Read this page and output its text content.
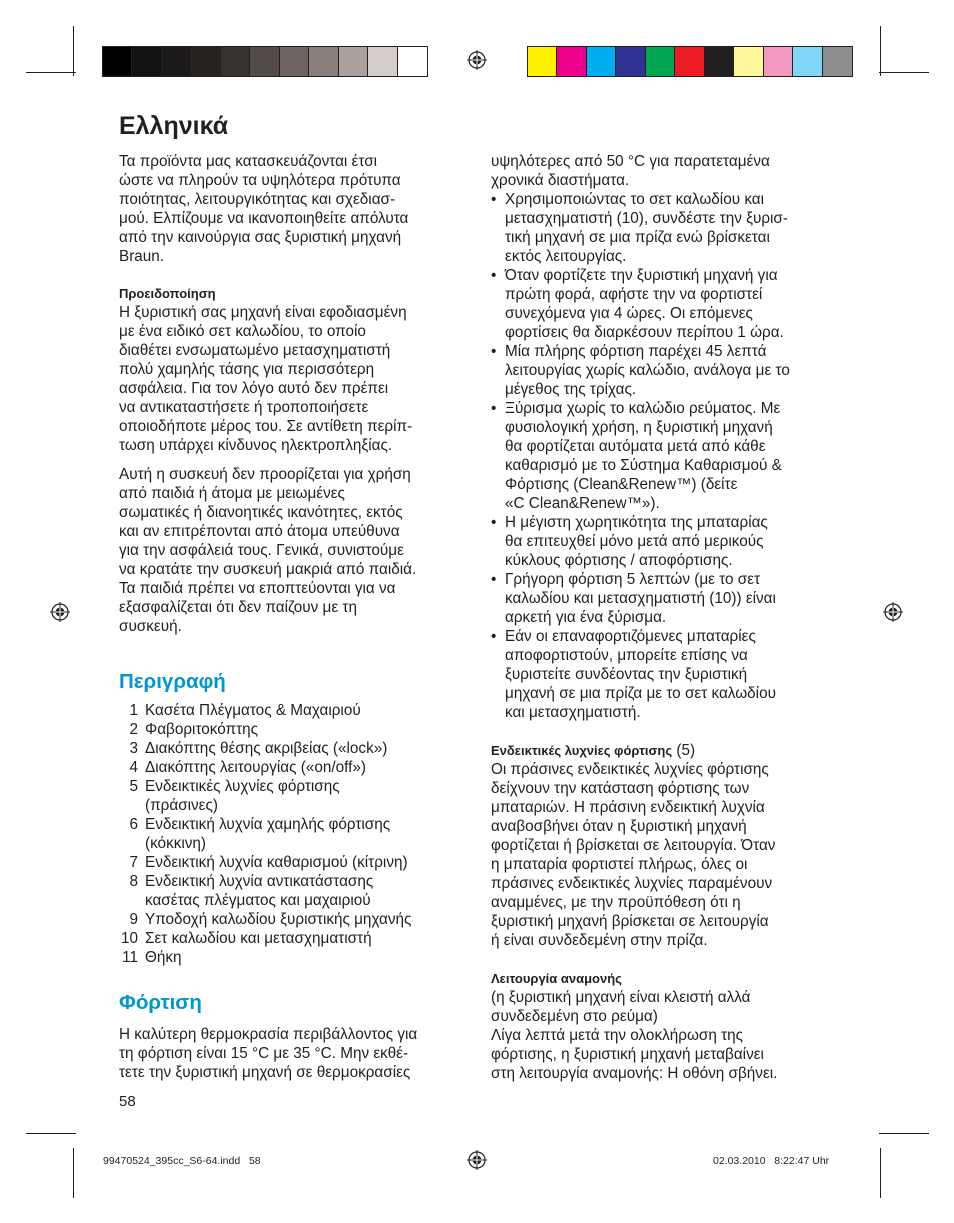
Ελληνικά
Τα προϊόντα μας κατασκευάζονται έτσι
ώστε να πληρούν τα υψηλότερα πρότυπα
ποιότητας, λειτουργικότητας και σχεδιασ-
μού. Ελπίζουμε να ικανοποιηθείτε απόλυτα
από την καινούργια σας ξυριστική μηχανή
Braun.
Προειδοποίηση
Η ξυριστική σας μηχανή είναι εφοδιασμένη
με ένα ειδικό σετ καλωδίου, το οποίο
διαθέτει ενσωματωμένο μετασχηματιστή
πολύ χαμηλής τάσης για περισσότερη
ασφάλεια. Για τον λόγο αυτό δεν πρέπει
να αντικαταστήσετε ή τροποποιήσετε
οποιοδήποτε μέρος του. Σε αντίθετη περίπ-
τωση υπάρχει κίνδυνος ηλεκτροπληξίας.
Αυτή η συσκευή δεν προορίζεται για χρήση
από παιδιά ή άτομα με μειωμένες
σωματικές ή διανοητικές ικανότητες, εκτός
και αν επιτρέπονται από άτομα υπεύθυνα
για την ασφάλειά τους. Γενικά, συνιστούμε
να κρατάτε την συσκευή μακριά από παιδιά.
Τα παιδιά πρέπει να εποπτεύονται για να
εξασφαλίζεται ότι δεν παίζουν με τη
συσκευή.
Περιγραφή
1 Κασέτα Πλέγματος & Μαχαιριού
2 Φαβοριτοκόπτης
3 Διακόπτης θέσης ακριβείας («lock»)
4 Διακόπτης λειτουργίας («on/off»)
5 Ενδεικτικές λυχνίες φόρτισης
(πράσινες)
6 Ενδεικτική λυχνία χαμηλής φόρτισης
(κόκκινη)
7 Ενδεικτική λυχνία καθαρισμού (κίτρινη)
8 Ενδεικτική λυχνία αντικατάστασης
κασέτας πλέγματος και μαχαιριού
9 Υποδοχή καλωδίου ξυριστικής μηχανής
10 Σετ καλωδίου και μετασχηματιστή
11 Θήκη
Φόρτιση
Η καλύτερη θερμοκρασία περιβάλλοντος για
τη φόρτιση είναι 15 °C με 35 °C. Μην εκθέ-
τετε την ξυριστική μηχανή σε θερμοκρασίες
υψηλότερες από 50 °C για παρατεταμένα
χρονικά διαστήματα.
• Χρησιμοποιώντας το σετ καλωδίου και
μετασχηματιστή (10), συνδέστε την ξυρισ-
τική μηχανή σε μια πρίζα ενώ βρίσκεται
εκτός λειτουργίας.
• Όταν φορτίζετε την ξυριστική μηχανή για
πρώτη φορά, αφήστε την να φορτιστεί
συνεχόμενα για 4 ώρες. Οι επόμενες
φορτίσεις θα διαρκέσουν περίπου 1 ώρα.
• Μία πλήρης φόρτιση παρέχει 45 λεπτά
λειτουργίας χωρίς καλώδιο, ανάλογα με το
μέγεθος της τρίχας.
• Ξύρισμα χωρίς το καλώδιο ρεύματος. Με
φυσιολογική χρήση, η ξυριστική μηχανή
θα φορτίζεται αυτόματα μετά από κάθε
καθαρισμό με το Σύστημα Καθαρισμού &
Φόρτισης (Clean&Renew™) (δείτε
«C Clean&Renew™»).
• Η μέγιστη χωρητικότητα της μπαταρίας
θα επιτευχθεί μόνο μετά από μερικούς
κύκλους φόρτισης / αποφόρτισης.
• Γρήγορη φόρτιση 5 λεπτών (με το σετ
καλωδίου και μετασχηματιστή (10)) είναι
αρκετή για ένα ξύρισμα.
• Εάν οι επαναφορτιζόμενες μπαταρίες
αποφορτιστούν, μπορείτε επίσης να
ξυριστείτε συνδέοντας την ξυριστική
μηχανή σε μια πρίζα με το σετ καλωδίου
και μετασχηματιστή.
Ενδεικτικές λυχνίες φόρτισης (5)
Οι πράσινες ενδεικτικές λυχνίες φόρτισης
δείχνουν την κατάσταση φόρτισης των
μπαταριών. Η πράσινη ενδεικτική λυχνία
αναβοσβήνει όταν η ξυριστική μηχανή
φορτίζεται ή βρίσκεται σε λειτουργία. Όταν
η μπαταρία φορτιστεί πλήρως, όλες οι
πράσινες ενδεικτικές λυχνίες παραμένουν
αναμμένες, με την προϋπόθεση ότι η
ξυριστική μηχανή βρίσκεται σε λειτουργία
ή είναι συνδεδεμένη στην πρίζα.
Λειτουργία αναμονής
(η ξυριστική μηχανή είναι κλειστή αλλά
συνδεδεμένη στο ρεύμα)
Λίγα λεπτά μετά την ολοκλήρωση της
φόρτισης, η ξυριστική μηχανή μεταβαίνει
στη λειτουργία αναμονής: Η οθόνη σβήνει.
58
99470524_395cc_S6-64.indd   58	02.03.2010   8:22:47 Uhr
